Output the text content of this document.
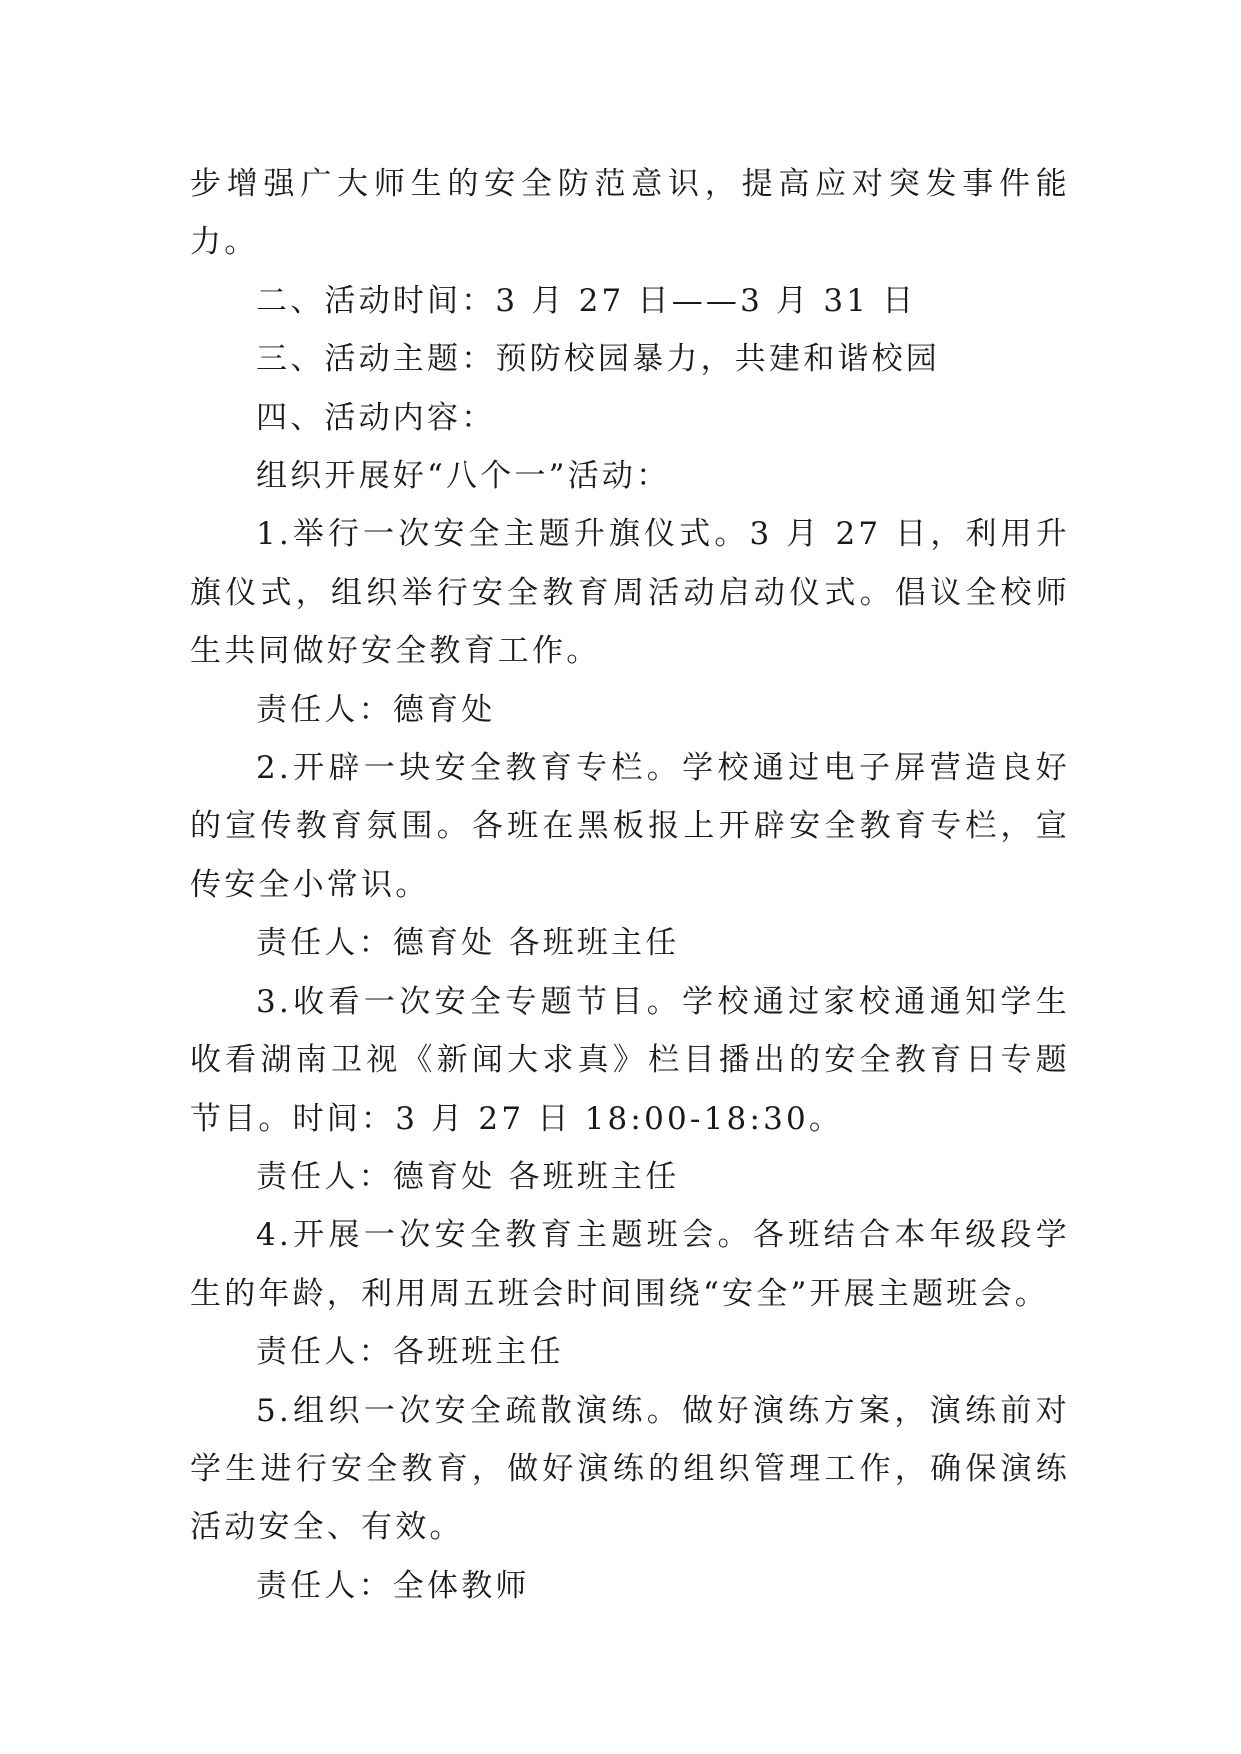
步增强广大师生的安全防范意识，提高应对突发事件能力。

二、活动时间：3 月 27 日——3 月 31 日

三、活动主题：预防校园暴力，共建和谐校园

四、活动内容：

组织开展好“八个一”活动：

1.举行一次安全主题升旗仪式。3 月 27 日，利用升旗仪式，组织举行安全教育周活动启动仪式。倡议全校师生共同做好安全教育工作。

责任人：德育处

2.开辟一块安全教育专栏。学校通过电子屏营造良好的宣传教育氛围。各班在黑板报上开辟安全教育专栏，宣传安全小常识。

责任人：德育处 各班班主任

3.收看一次安全专题节目。学校通过家校通通知学生收看湖南卫视《新闻大求真》栏目播出的安全教育日专题节目。时间：3 月 27 日 18:00-18:30。

责任人：德育处 各班班主任

4.开展一次安全教育主题班会。各班结合本年级段学生的年龄，利用周五班会时间围绕“安全”开展主题班会。

责任人：各班班主任

5.组织一次安全疏散演练。做好演练方案，演练前对学生进行安全教育，做好演练的组织管理工作，确保演练活动安全、有效。

责任人：全体教师
